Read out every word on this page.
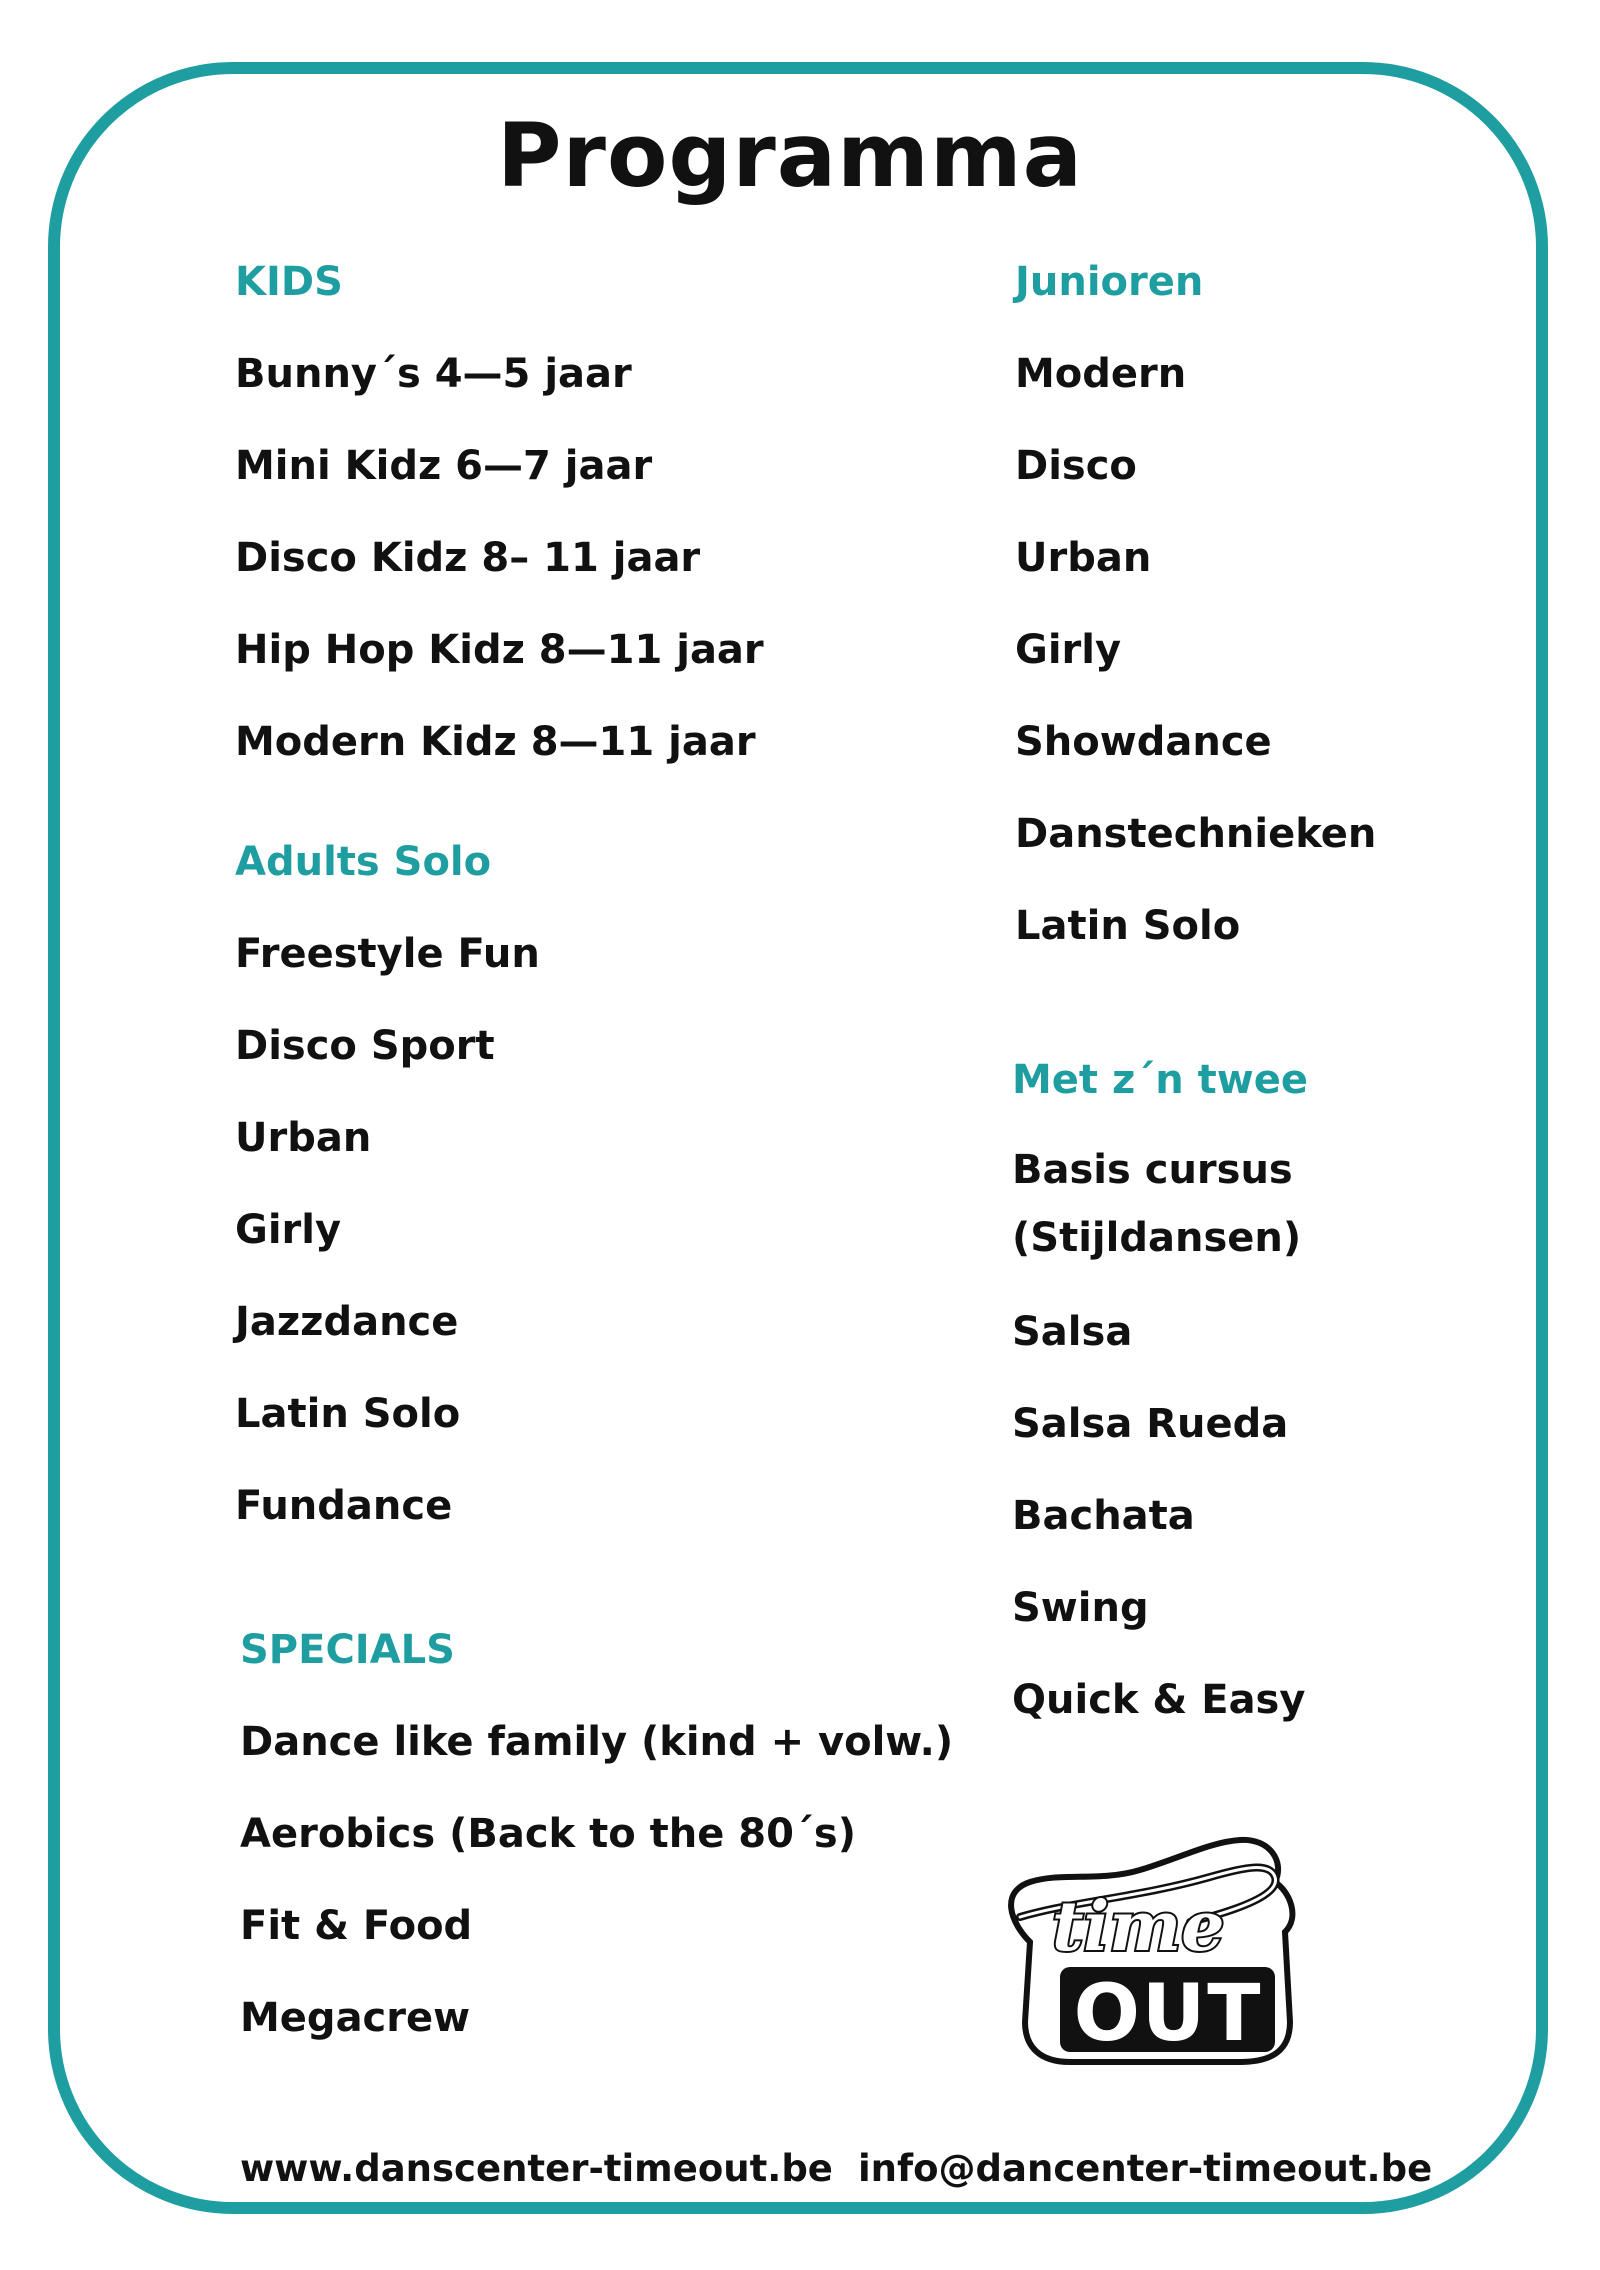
Programma
KIDS
Bunny´s 4—5 jaar
Mini Kidz 6—7 jaar
Disco Kidz 8– 11 jaar
Hip Hop Kidz 8—11 jaar
Modern Kidz 8—11 jaar
Adults Solo
Freestyle Fun
Disco Sport
Urban
Girly
Jazzdance
Latin Solo
Fundance
SPECIALS
Dance like family (kind + volw.)
Aerobics (Back to the 80´s)
Fit & Food
Megacrew
Junioren
Modern
Disco
Urban
Girly
Showdance
Danstechnieken
Latin Solo
Met z´n twee
Basis cursus (Stijldansen)
Salsa
Salsa Rueda
Bachata
Swing
Quick & Easy
time
OUT
www.danscenter-timeout.be info@dancenter-timeout.be
